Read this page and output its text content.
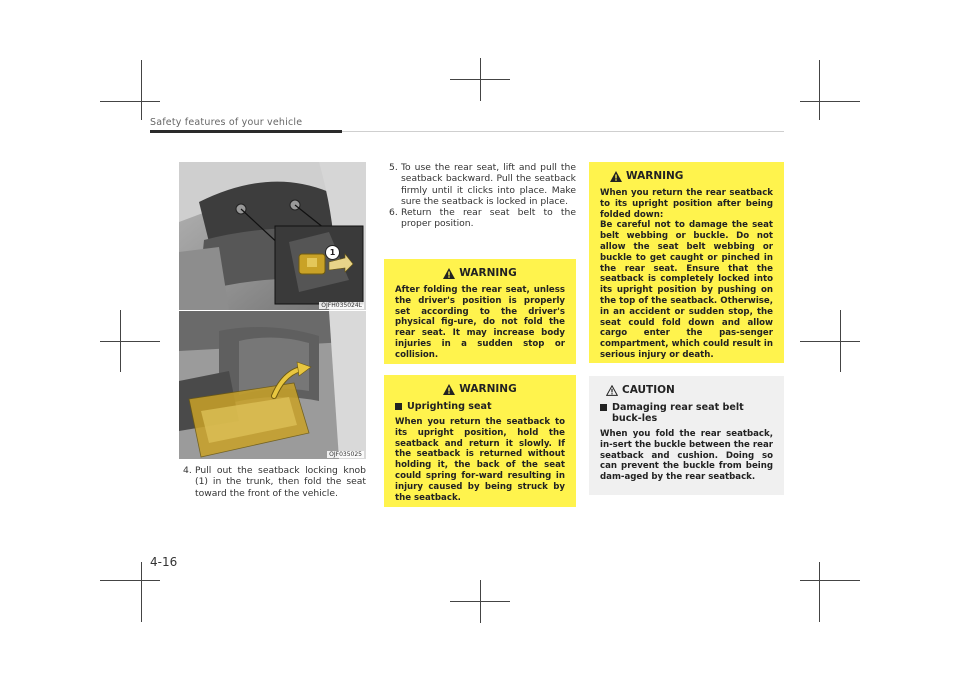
Safety features of your vehicle
1
OJFH035024L
OJF035025
4. Pull out the seatback locking knob (1) in the trunk, then fold the seat toward the front of the vehicle.
5. To use the rear seat, lift and pull the seatback backward. Pull the seatback firmly until it clicks into place. Make sure the seatback is locked in place.
6. Return the rear seat belt to the proper position.
WARNING
After folding the rear seat, unless the driver's position is properly set according to the driver's physical fig-ure, do not fold the rear seat. It may increase body injuries in a sudden stop or collision.
WARNING
Uprighting seat
When you return the seatback to its upright position, hold the seatback and return it slowly. If the seatback is returned without holding it, the back of the seat could spring for-ward resulting in injury caused by being struck by the seatback.
WARNING
When you return the rear seatback to its upright position after being folded down:
Be careful not to damage the seat belt webbing or buckle. Do not allow the seat belt webbing or buckle to get caught or pinched in the rear seat. Ensure that the seatback is completely locked into its upright position by pushing on the top of the seatback. Otherwise, in an accident or sudden stop, the seat could fold down and allow cargo enter the pas-senger compartment, which could result in serious injury or death.
CAUTION
Damaging rear seat belt buck-les
When you fold the rear seatback, in-sert the buckle between the rear seatback and cushion. Doing so can prevent the buckle from being dam-aged by the rear seatback.
4-16
